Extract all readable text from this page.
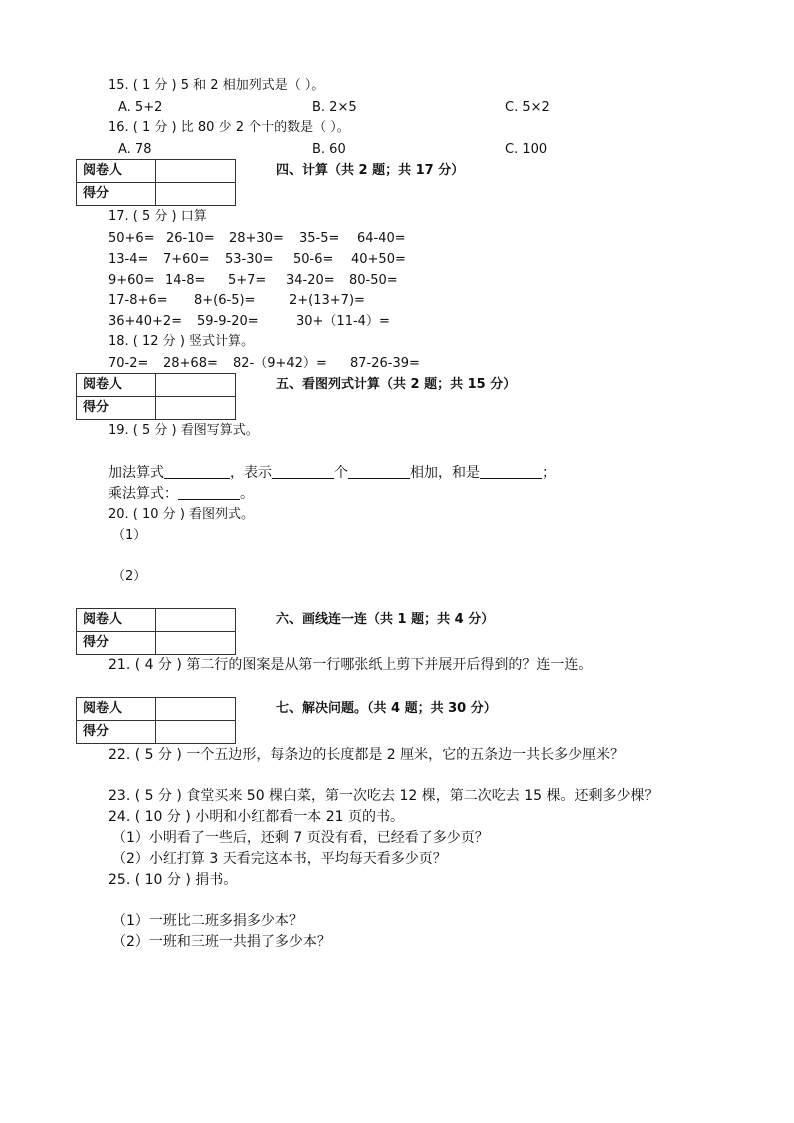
15. ( 1 分 ) 5 和 2 相加列式是（ ）。
A. 5+2	B. 2×5	C. 5×2
16. ( 1 分 ) 比 80 少 2 个十的数是（ ）。
A. 78	B. 60	C. 100
阅卷人	
得分	
四、计算（共 2 题；共 17 分）
17. ( 5 分 ) 口算
50+6= 26-10= 28+30= 35-5= 64-40=
13-4= 7+60= 53-30= 50-6= 40+50=
9+60= 14-8= 5+7= 34-20= 80-50=
17-8+6= 8+(6-5)=	2+(13+7)=
36+40+2= 59-9-20=	30+（11-4）=
18. ( 12 分 ) 竖式计算。
70-2= 28+68= 82-（9+42）= 87-26-39=
阅卷人	
得分	
五、看图列式计算（共 2 题；共 15 分）
19. ( 5 分 ) 看图写算式。
加法算式	，表示	个	相加，和是	；
乘法算式：	。
20. ( 10 分 ) 看图列式。
（1）
（2）
阅卷人	
得分	
六、画线连一连（共 1 题；共 4 分）
21. ( 4 分 ) 第二行的图案是从第一行哪张纸上剪下并展开后得到的？连一连。
阅卷人	
得分	
七、解决问题。（共 4 题；共 30 分）
22. ( 5 分 ) 一个五边形，每条边的长度都是 2 厘米，它的五条边一共长多少厘米？
23. ( 5 分 ) 食堂买来 50 棵白菜，第一次吃去 12 棵，第二次吃去 15 棵。还剩多少棵？
24. ( 10 分 ) 小明和小红都看一本 21 页的书。
（1）小明看了一些后，还剩 7 页没有看，已经看了多少页？
（2）小红打算 3 天看完这本书，平均每天看多少页？
25. ( 10 分 ) 捐书。
（1）一班比二班多捐多少本？
（2）一班和三班一共捐了多少本？
